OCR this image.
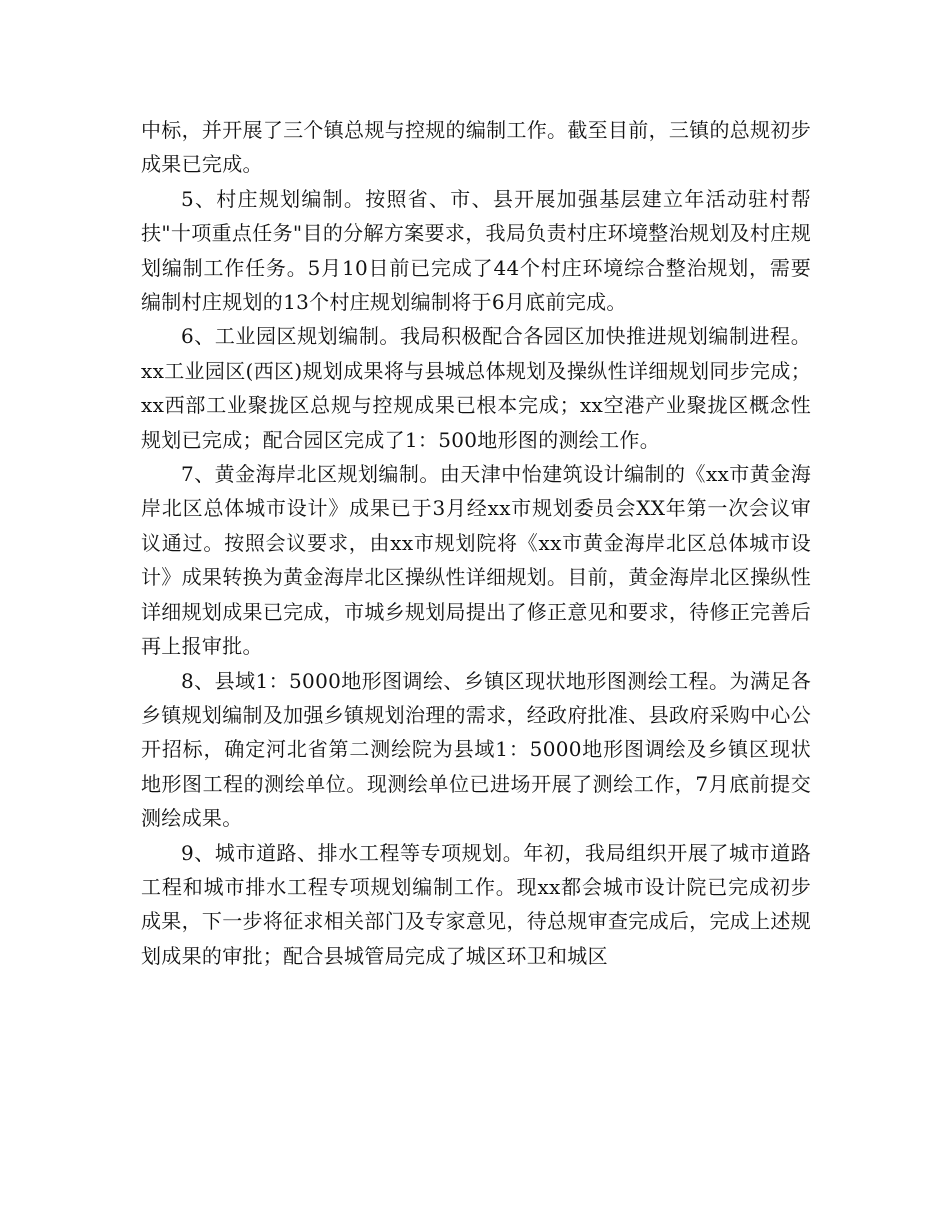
中标，并开展了三个镇总规与控规的编制工作。截至目前，三镇的总规初步成果已完成。

5、村庄规划编制。按照省、市、县开展加强基层建立年活动驻村帮扶"十项重点任务"目的分解方案要求，我局负责村庄环境整治规划及村庄规划编制工作任务。5月10日前已完成了44个村庄环境综合整治规划，需要编制村庄规划的13个村庄规划编制将于6月底前完成。

6、工业园区规划编制。我局积极配合各园区加快推进规划编制进程。xx工业园区(西区)规划成果将与县城总体规划及操纵性详细规划同步完成；xx西部工业聚拢区总规与控规成果已根本完成；xx空港产业聚拢区概念性规划已完成；配合园区完成了1：500地形图的测绘工作。

7、黄金海岸北区规划编制。由天津中怡建筑设计编制的《xx市黄金海岸北区总体城市设计》成果已于3月经xx市规划委员会XX年第一次会议审议通过。按照会议要求，由xx市规划院将《xx市黄金海岸北区总体城市设计》成果转换为黄金海岸北区操纵性详细规划。目前，黄金海岸北区操纵性详细规划成果已完成，市城乡规划局提出了修正意见和要求，待修正完善后再上报审批。

8、县域1：5000地形图调绘、乡镇区现状地形图测绘工程。为满足各乡镇规划编制及加强乡镇规划治理的需求，经政府批准、县政府采购中心公开招标，确定河北省第二测绘院为县域1：5000地形图调绘及乡镇区现状地形图工程的测绘单位。现测绘单位已进场开展了测绘工作，7月底前提交测绘成果。

9、城市道路、排水工程等专项规划。年初，我局组织开展了城市道路工程和城市排水工程专项规划编制工作。现xx都会城市设计院已完成初步成果，下一步将征求相关部门及专家意见，待总规审查完成后，完成上述规划成果的审批；配合县城管局完成了城区环卫和城区
